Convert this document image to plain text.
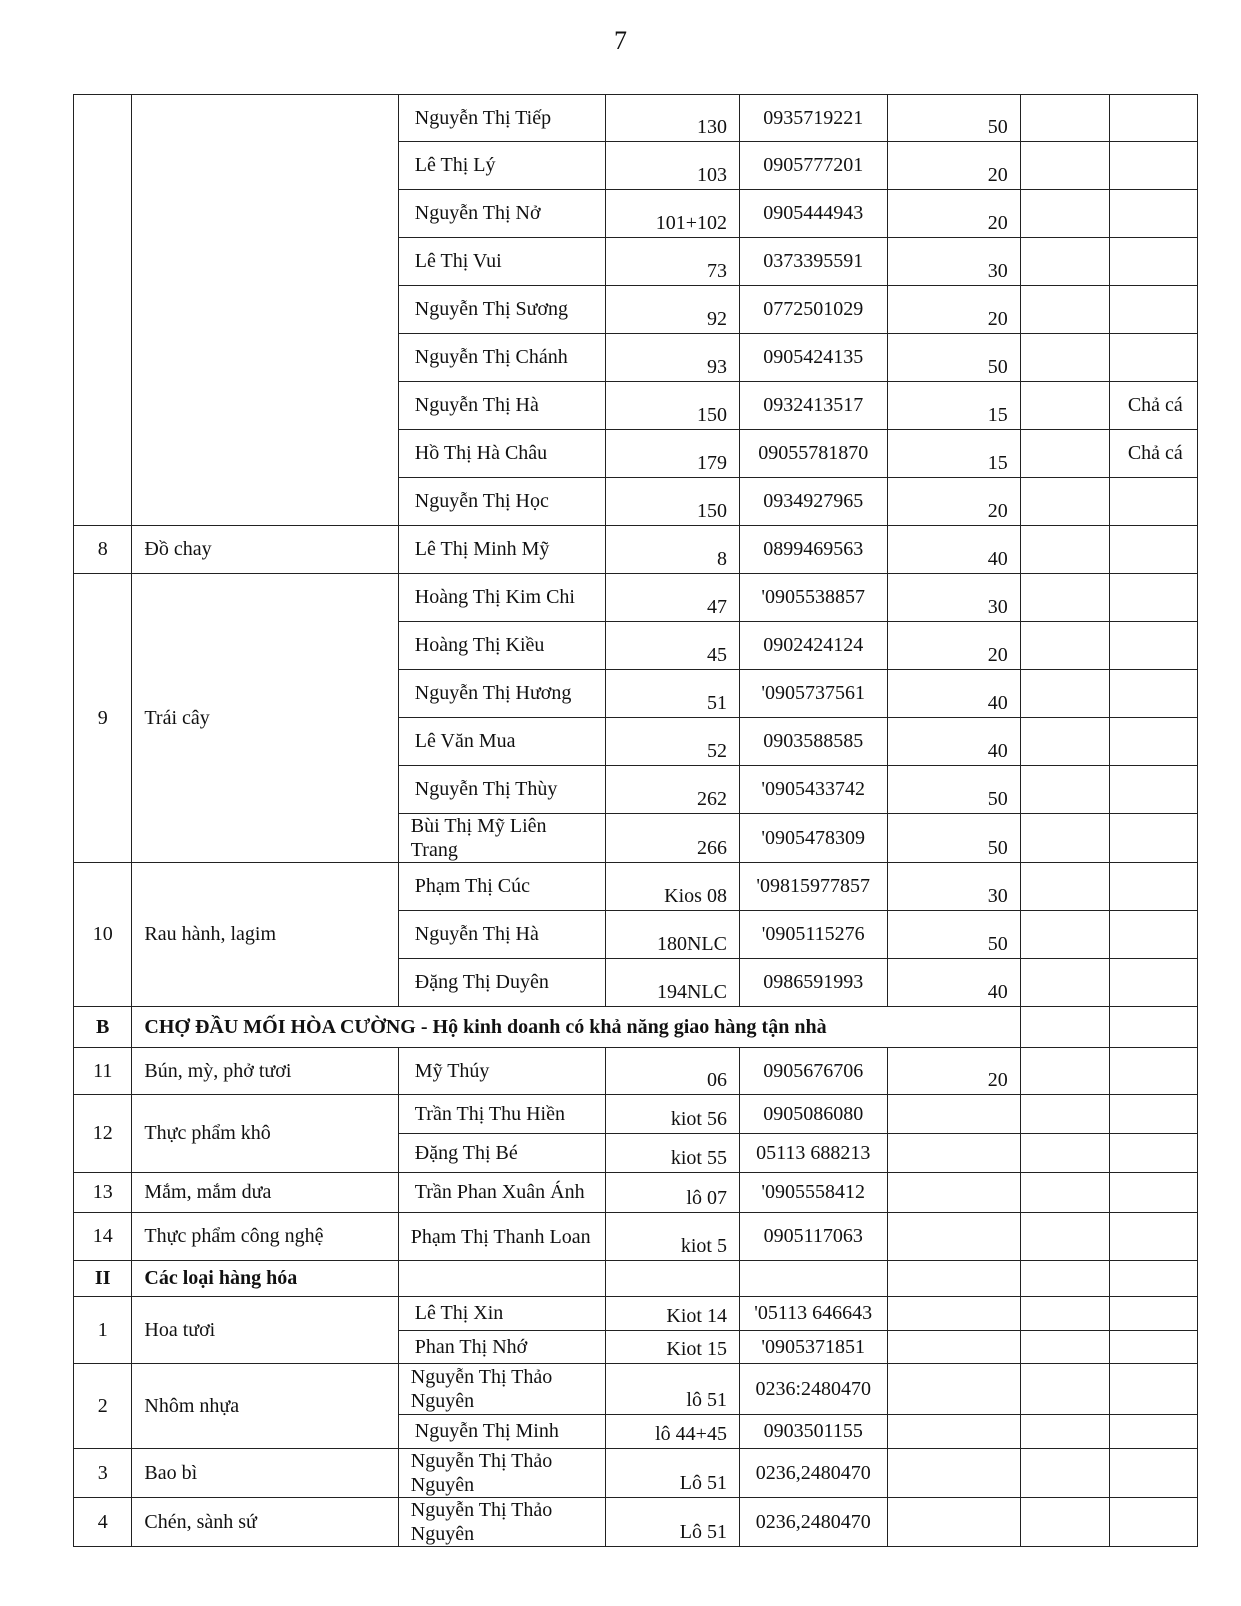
7
		Nguyễn Thị Tiếp	130	0935719221	50		
		Lê Thị Lý	103	0905777201	20		
		Nguyễn Thị Nở	101+102	0905444943	20		
		Lê Thị Vui	73	0373395591	30		
		Nguyễn Thị Sương	92	0772501029	20		
		Nguyễn Thị Chánh	93	0905424135	50		
		Nguyễn Thị Hà	150	0932413517	15		Chả cá
		Hồ Thị Hà Châu	179	09055781870	15		Chả cá
		Nguyễn Thị Học	150	0934927965	20		
8	Đồ chay	Lê Thị Minh Mỹ	8	0899469563	40		
9	Trái cây	Hoàng Thị Kim Chi	47	'0905538857	30		
		Hoàng Thị Kiều	45	0902424124	20		
		Nguyễn Thị Hương	51	'0905737561	40		
		Lê Văn Mua	52	0903588585	40		
		Nguyễn Thị Thùy	262	'0905433742	50		
		Bùi Thị Mỹ Liên Trang	266	'0905478309	50		
10	Rau hành, lagim	Phạm Thị Cúc	Kios 08	'09815977857	30		
		Nguyễn Thị Hà	180NLC	'0905115276	50		
		Đặng Thị Duyên	194NLC	0986591993	40		
B	CHỢ ĐẦU MỐI HÒA CƯỜNG - Hộ kinh doanh có khả năng giao hàng tận nhà						
11	Bún, mỳ, phở tươi	Mỹ Thúy	06	0905676706	20		
12	Thực phẩm khô	Trần Thị Thu Hiền	kiot 56	0905086080			
		Đặng Thị Bé	kiot 55	05113 688213			
13	Mắm, mắm dưa	Trần Phan Xuân Ánh	lô 07	'0905558412			
14	Thực phẩm công nghệ	Phạm Thị Thanh Loan	kiot 5	0905117063			
II	Các loại hàng hóa						
1	Hoa tươi	Lê Thị Xin	Kiot 14	'05113 646643			
		Phan Thị Nhớ	Kiot 15	'0905371851			
2	Nhôm nhựa	Nguyễn Thị Thảo Nguyên	lô 51	0236:2480470			
		Nguyễn Thị Minh	lô 44+45	0903501155			
3	Bao bì	Nguyễn Thị Thảo Nguyên	Lô 51	0236,2480470			
4	Chén, sành sứ	Nguyễn Thị Thảo Nguyên	Lô 51	0236,2480470			
